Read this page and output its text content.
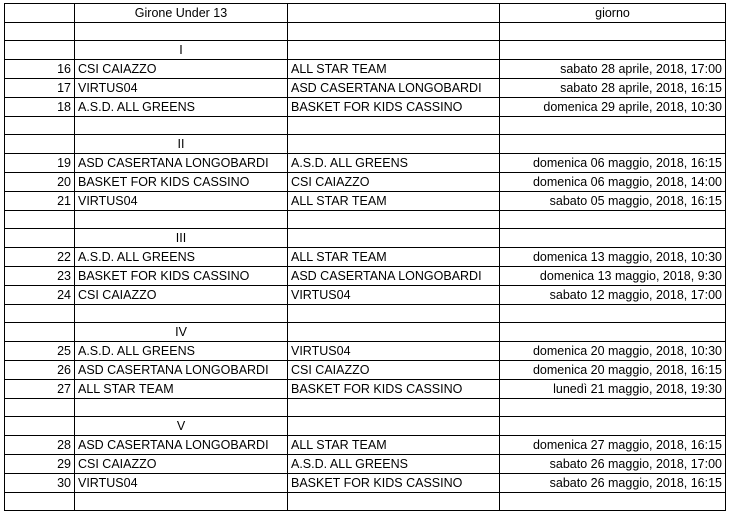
	Girone Under 13		giorno

	I		
16	CSI CAIAZZO	ALL STAR TEAM	sabato 28 aprile, 2018, 17:00
17	VIRTUS04	ASD CASERTANA LONGOBARDI	sabato 28 aprile, 2018, 16:15
18	A.S.D. ALL GREENS	BASKET FOR KIDS CASSINO	domenica 29 aprile, 2018, 10:30

	II		
19	ASD CASERTANA LONGOBARDI	A.S.D. ALL GREENS	domenica 06 maggio, 2018, 16:15
20	BASKET FOR KIDS CASSINO	CSI CAIAZZO	domenica 06 maggio, 2018, 14:00
21	VIRTUS04	ALL STAR TEAM	sabato 05 maggio, 2018, 16:15

	III		
22	A.S.D. ALL GREENS	ALL STAR TEAM	domenica 13 maggio, 2018, 10:30
23	BASKET FOR KIDS CASSINO	ASD CASERTANA LONGOBARDI	domenica 13 maggio, 2018, 9:30
24	CSI CAIAZZO	VIRTUS04	sabato 12 maggio, 2018, 17:00

	IV		
25	A.S.D. ALL GREENS	VIRTUS04	domenica 20 maggio, 2018, 10:30
26	ASD CASERTANA LONGOBARDI	CSI CAIAZZO	domenica 20 maggio, 2018, 16:15
27	ALL STAR TEAM	BASKET FOR KIDS CASSINO	lunedì 21 maggio, 2018, 19:30

	V		
28	ASD CASERTANA LONGOBARDI	ALL STAR TEAM	domenica 27 maggio, 2018, 16:15
29	CSI CAIAZZO	A.S.D. ALL GREENS	sabato 26 maggio, 2018, 17:00
30	VIRTUS04	BASKET FOR KIDS CASSINO	sabato 26 maggio, 2018, 16:15
